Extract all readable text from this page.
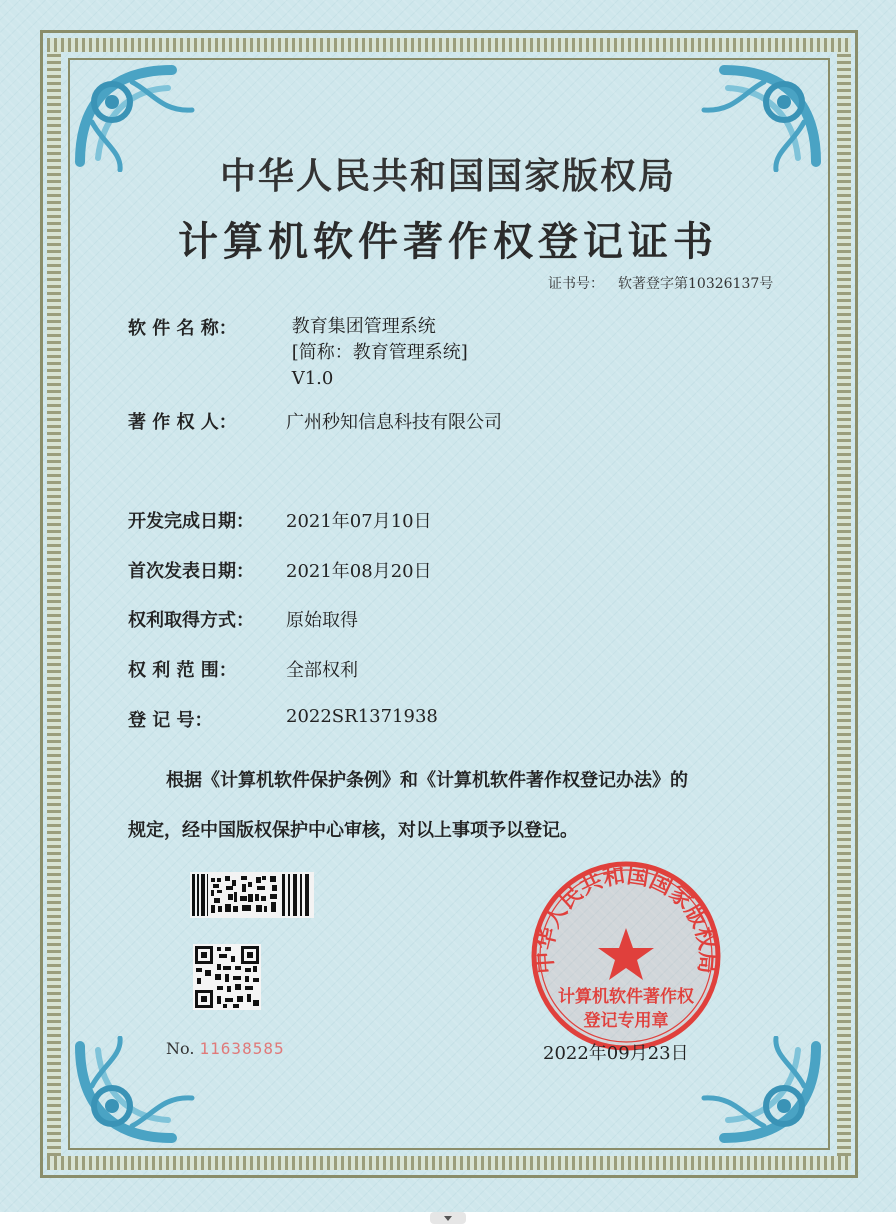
中华人民共和国国家版权局
计算机软件著作权登记证书
证书号： 软著登字第10326137号
软 件 名 称：	教育集团管理系统
[简称：教育管理系统]
V1.0
著 作 权 人：	广州秒知信息科技有限公司
开发完成日期： 2021年07月10日
首次发表日期： 2021年08月20日
权利取得方式： 原始取得
权 利 范 围：	全部权利
登 记 号：	2022SR1371938
根据《计算机软件保护条例》和《计算机软件著作权登记办法》的
规定，经中国版权保护中心审核，对以上事项予以登记。
No. 11638585
中华人民共和国国家版权局
计算机软件著作权
登记专用章
2022年09月23日
